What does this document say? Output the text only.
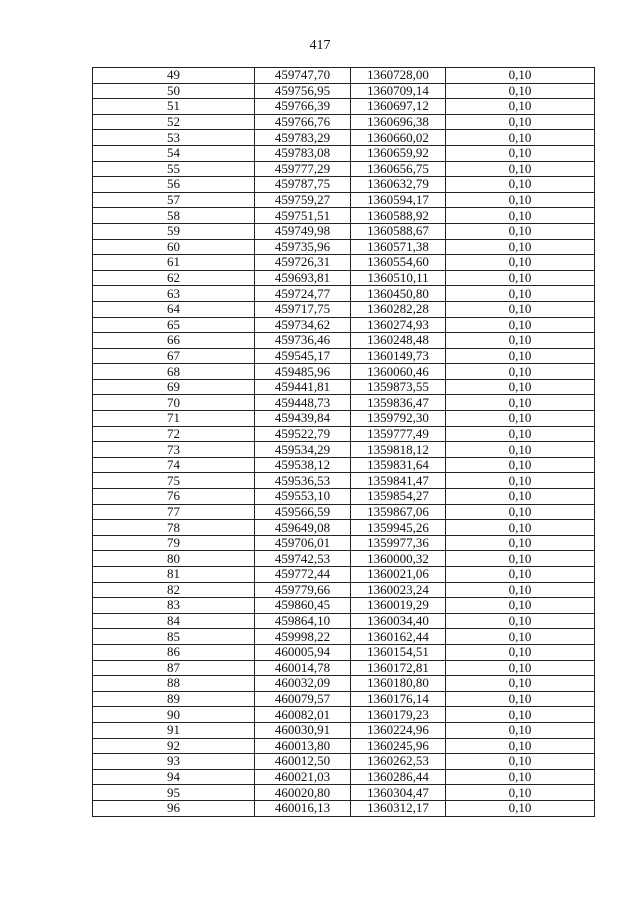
417
49	459747,70	1360728,00	0,10
50	459756,95	1360709,14	0,10
51	459766,39	1360697,12	0,10
52	459766,76	1360696,38	0,10
53	459783,29	1360660,02	0,10
54	459783,08	1360659,92	0,10
55	459777,29	1360656,75	0,10
56	459787,75	1360632,79	0,10
57	459759,27	1360594,17	0,10
58	459751,51	1360588,92	0,10
59	459749,98	1360588,67	0,10
60	459735,96	1360571,38	0,10
61	459726,31	1360554,60	0,10
62	459693,81	1360510,11	0,10
63	459724,77	1360450,80	0,10
64	459717,75	1360282,28	0,10
65	459734,62	1360274,93	0,10
66	459736,46	1360248,48	0,10
67	459545,17	1360149,73	0,10
68	459485,96	1360060,46	0,10
69	459441,81	1359873,55	0,10
70	459448,73	1359836,47	0,10
71	459439,84	1359792,30	0,10
72	459522,79	1359777,49	0,10
73	459534,29	1359818,12	0,10
74	459538,12	1359831,64	0,10
75	459536,53	1359841,47	0,10
76	459553,10	1359854,27	0,10
77	459566,59	1359867,06	0,10
78	459649,08	1359945,26	0,10
79	459706,01	1359977,36	0,10
80	459742,53	1360000,32	0,10
81	459772,44	1360021,06	0,10
82	459779,66	1360023,24	0,10
83	459860,45	1360019,29	0,10
84	459864,10	1360034,40	0,10
85	459998,22	1360162,44	0,10
86	460005,94	1360154,51	0,10
87	460014,78	1360172,81	0,10
88	460032,09	1360180,80	0,10
89	460079,57	1360176,14	0,10
90	460082,01	1360179,23	0,10
91	460030,91	1360224,96	0,10
92	460013,80	1360245,96	0,10
93	460012,50	1360262,53	0,10
94	460021,03	1360286,44	0,10
95	460020,80	1360304,47	0,10
96	460016,13	1360312,17	0,10
